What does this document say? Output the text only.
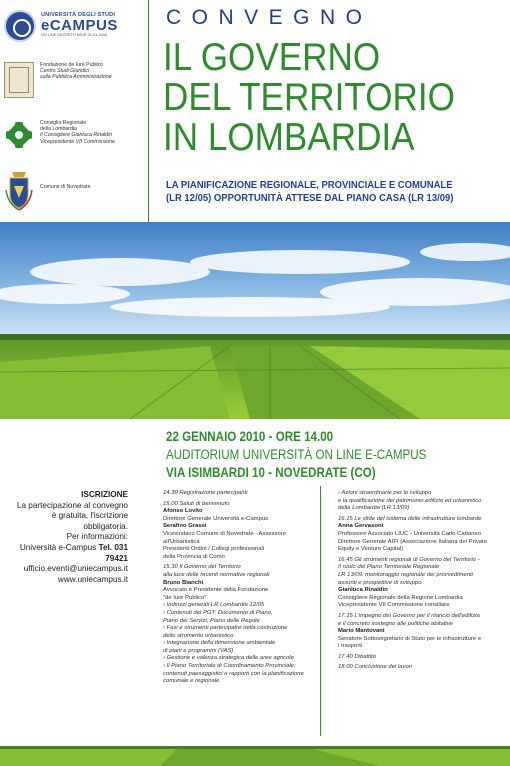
UNIVERSITÀ DEGLI STUDI
eCAMPUS
ON LINE DECRETO MIUR 30-01-2006
Fondazione de Iure Publico
Centro Studi Giuridici
sulla Pubblica Amministrazione
Consiglio Regionale
della Lombardia
Il Consigliere Gianluca Rinaldin
Vicepresidente VII Commissione
Comune di Novedrate
CONVEGNO
IL GOVERNO
DEL TERRITORIO
IN LOMBARDIA
LA PIANIFICAZIONE REGIONALE, PROVINCIALE E COMUNALE
(LR 12/05) OPPORTUNITÀ ATTESE DAL PIANO CASA (LR 13/09)
22 GENNAIO 2010 - ORE 14.00
AUDITORIUM UNIVERSITÀ ON LINE E-CAMPUS
VIA ISIMBARDI 10 - NOVEDRATE (CO)
ISCRIZIONE
La partecipazione al convegno
è gratuita, l'iscrizione obbligatoria.
Per informazioni:
Università e-Campus Tel. 031 79421
ufficio.eventi@uniecampus.it
www.uniecampus.it

14.30 Registrazione partecipanti

15.00 Saluti di benvenuto
Afonso Lovito
Direttore Generale Università e-Campus
Serafino Grassi
Vicesindaco Comune di Novedrate - Assessore
all'Urbanistica
Presidenti Ordini / Collegi professionali
della Provincia di Como

15.30 Il Governo del Territorio
alla luce delle recenti normative regionali
Bruno Bianchi
Avvocato e Presidente della Fondazione
"de Iure Publico"
› Indirizzi generali LR Lombardia 12/05
› Contenuti del PGT: Documento di Piano,
Piano dei Servizi, Piano delle Regole
› Fasi e strumenti partecipativi nella costruzione
dello strumento urbanistico
› Integrazione della dimensione ambientale
di piani e programmi (VAS)
› Gestione e valenza strategica delle aree agricole
› Il Piano Territoriale di Coordinamento Provinciale;
contenuti paesaggistici e rapporti con la pianificazione
comunale e regionale

› Azioni straordinarie per lo sviluppo
e la qualificazione del patrimonio edilizio ed urbanistico
della Lombardia (LR 13/09)

16.15 Le sfide del sistema delle infrastrutture lombarde
Anna Gervasoni
Professore Associato LIUC - Università Carlo Cattaneo
Direttore Generale AIFI (Associazione Italiana del Private
Equity e Venture Capital)

16.45 Gli strumenti regionali di Governo del Territorio -
Il ruolo del Piano Territoriale Regionale
LR 13/09: monitoraggio regionale dei provvedimenti
assunti e prospettive di sviluppo
Gianluca Rinaldin
Consigliere Regionale della Regione Lombardia
Vicepresidente VII Commissione consiliare

17.15 L'impegno del Governo per il rilancio dell'edilizia
e il concreto sostegno alle politiche abitative
Mario Mantovani
Senatore Sottosegretario di Stato per le infrastrutture e
i trasporti

17.40 Dibattito

18.00 Conclusione dei lavori
